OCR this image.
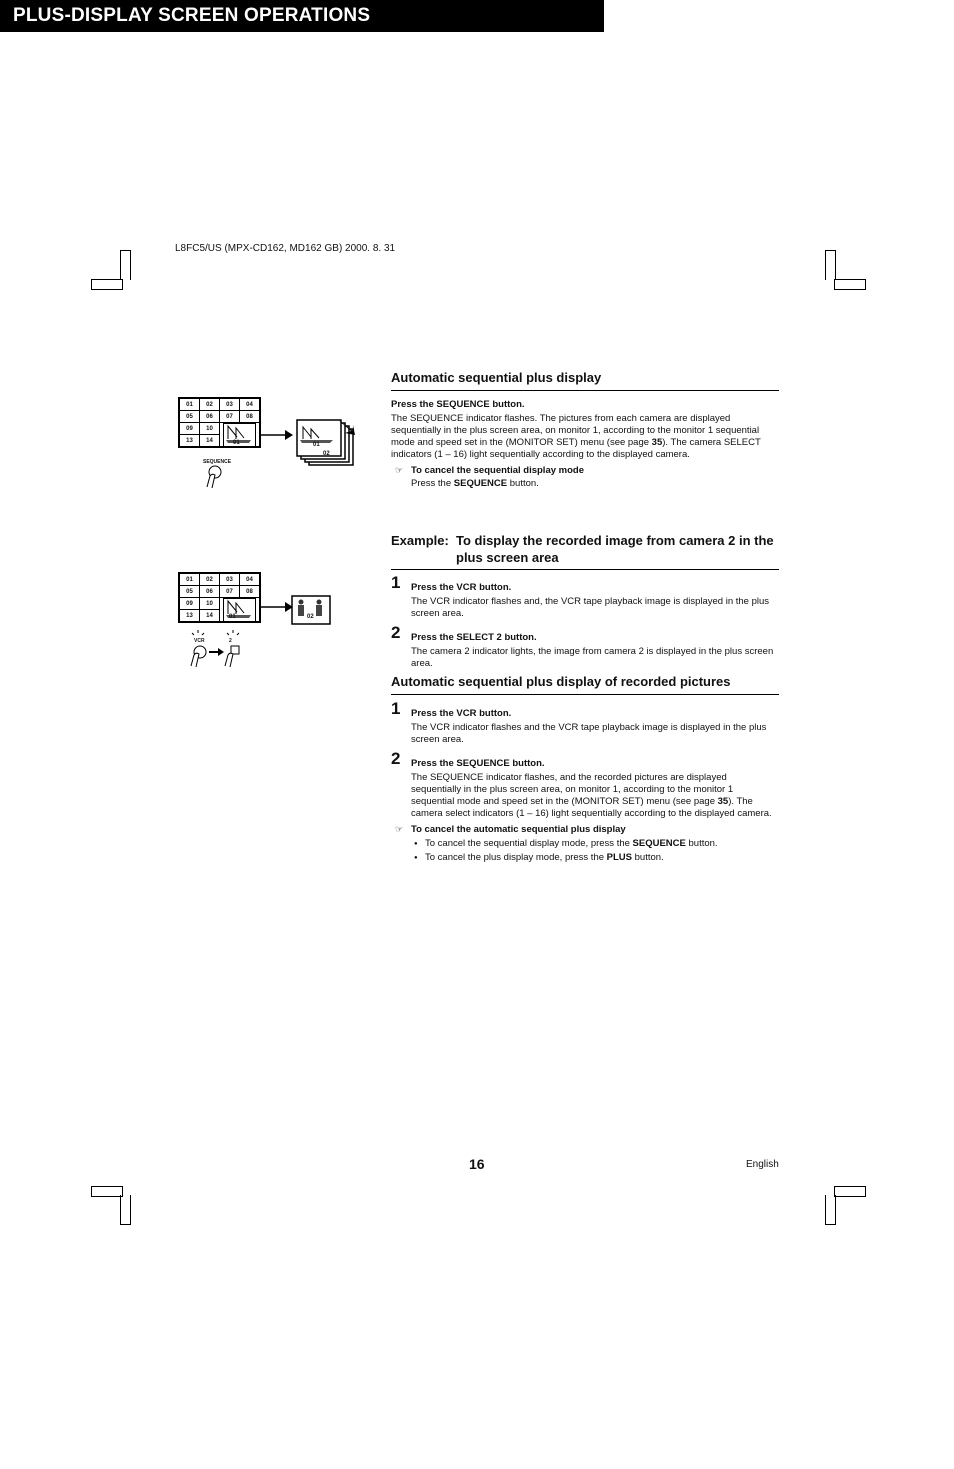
L8FC5/US (MPX-CD162, MD162 GB) 2000. 8. 31
PLUS-DISPLAY SCREEN OPERATIONS	Live picture mode
01	02	03	04
05	06	07	08
09	10		
13	14			01	01
02
SEQUENCE
01	02	03	04
05	06	07	08
09	10		
13	14			01	02
VCR	2
Automatic sequential plus display

Press the SEQUENCE button.

The SEQUENCE indicator flashes. The pictures from each camera are displayed sequentially in the plus screen area, on monitor 1, according to the monitor 1 sequential mode and speed set in the (MONITOR SET) menu (see page 35). The camera SELECT indicators (1 – 16) light sequentially according to the displayed camera.

☞ To cancel the sequential display mode

Press the SEQUENCE button.

Example: To display the recorded image from camera 2 in the plus screen area
1 Press the VCR button.

The VCR indicator flashes and, the VCR tape playback image is displayed in the plus screen area.

2 Press the SELECT 2 button.

The camera 2 indicator lights, the image from camera 2 is displayed in the plus screen area.

Automatic sequential plus display of recorded pictures
1 Press the VCR button.

The VCR indicator flashes and the VCR tape playback image is displayed in the plus screen area.

2 Press the SEQUENCE button.

The SEQUENCE indicator flashes, and the recorded pictures are displayed sequentially in the plus screen area, on monitor 1, according to the monitor 1 sequential mode and speed set in the (MONITOR SET) menu (see page 35). The camera select indicators (1 – 16) light sequentially according to the displayed camera.

☞ To cancel the automatic sequential plus display

● To cancel the sequential display mode, press the SEQUENCE button.
● To cancel the plus display mode, press the PLUS button.
16	English
